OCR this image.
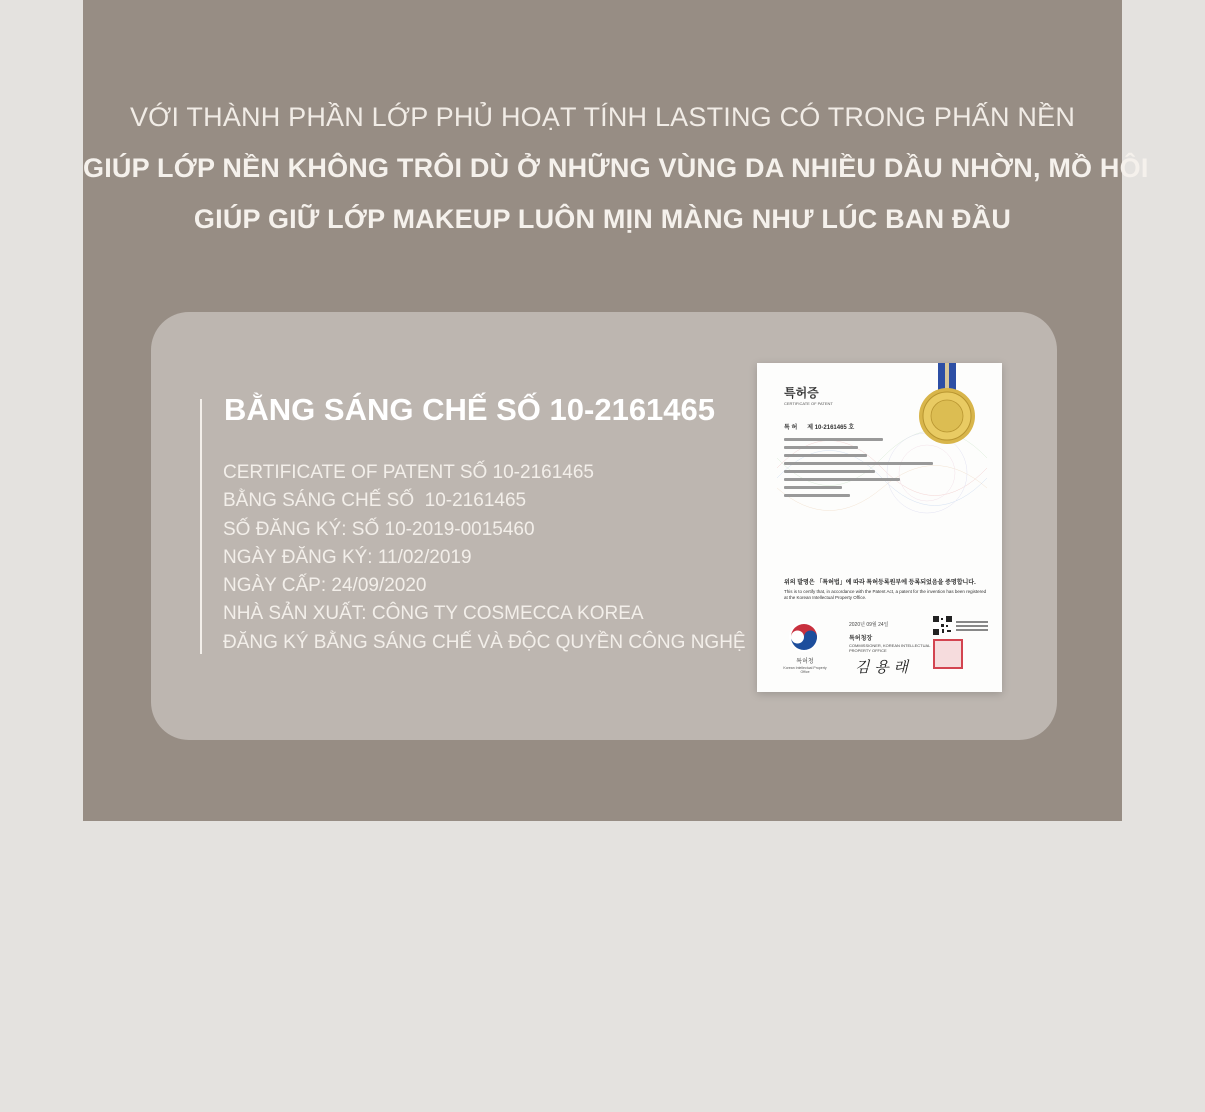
VỚI THÀNH PHẦN LỚP PHỦ HOẠT TÍNH LASTING CÓ TRONG PHẤN NỀN
GIÚP LỚP NỀN KHÔNG TRÔI DÙ Ở NHỮNG VÙNG DA NHIỀU DẦU NHỜN, MỒ HÔI
GIÚP GIỮ LỚP MAKEUP LUÔN MỊN MÀNG NHƯ LÚC BAN ĐẦU
BẰNG SÁNG CHẾ SỐ 10-2161465
CERTIFICATE OF PATENT SỐ 10-2161465
BẰNG SÁNG CHẾ SỐ  10-2161465
SỐ ĐĂNG KÝ: SỐ 10-2019-0015460
NGÀY ĐĂNG KÝ: 11/02/2019
NGÀY CẤP: 24/09/2020
NHÀ SẢN XUẤT: CÔNG TY COSMECCA KOREA
ĐĂNG KÝ BẰNG SÁNG CHẾ VÀ ĐỘC QUYỀN CÔNG NGHỆ
특허증
CERTIFICATE OF PATENT
특 허      제 10-2161465 호
위의 발명은 「특허법」에 따라 특허등록원부에 등록되었음을 증명합니다.
This is to certify that, in accordance with the Patent Act, a patent for the invention has been registered at the Korean Intellectual Property Office.
2020년 09월 24일
특허청장
COMMISSIONER, KOREAN INTELLECTUAL PROPERTY OFFICE
김 용 래
특허청
Korean Intellectual Property Office
